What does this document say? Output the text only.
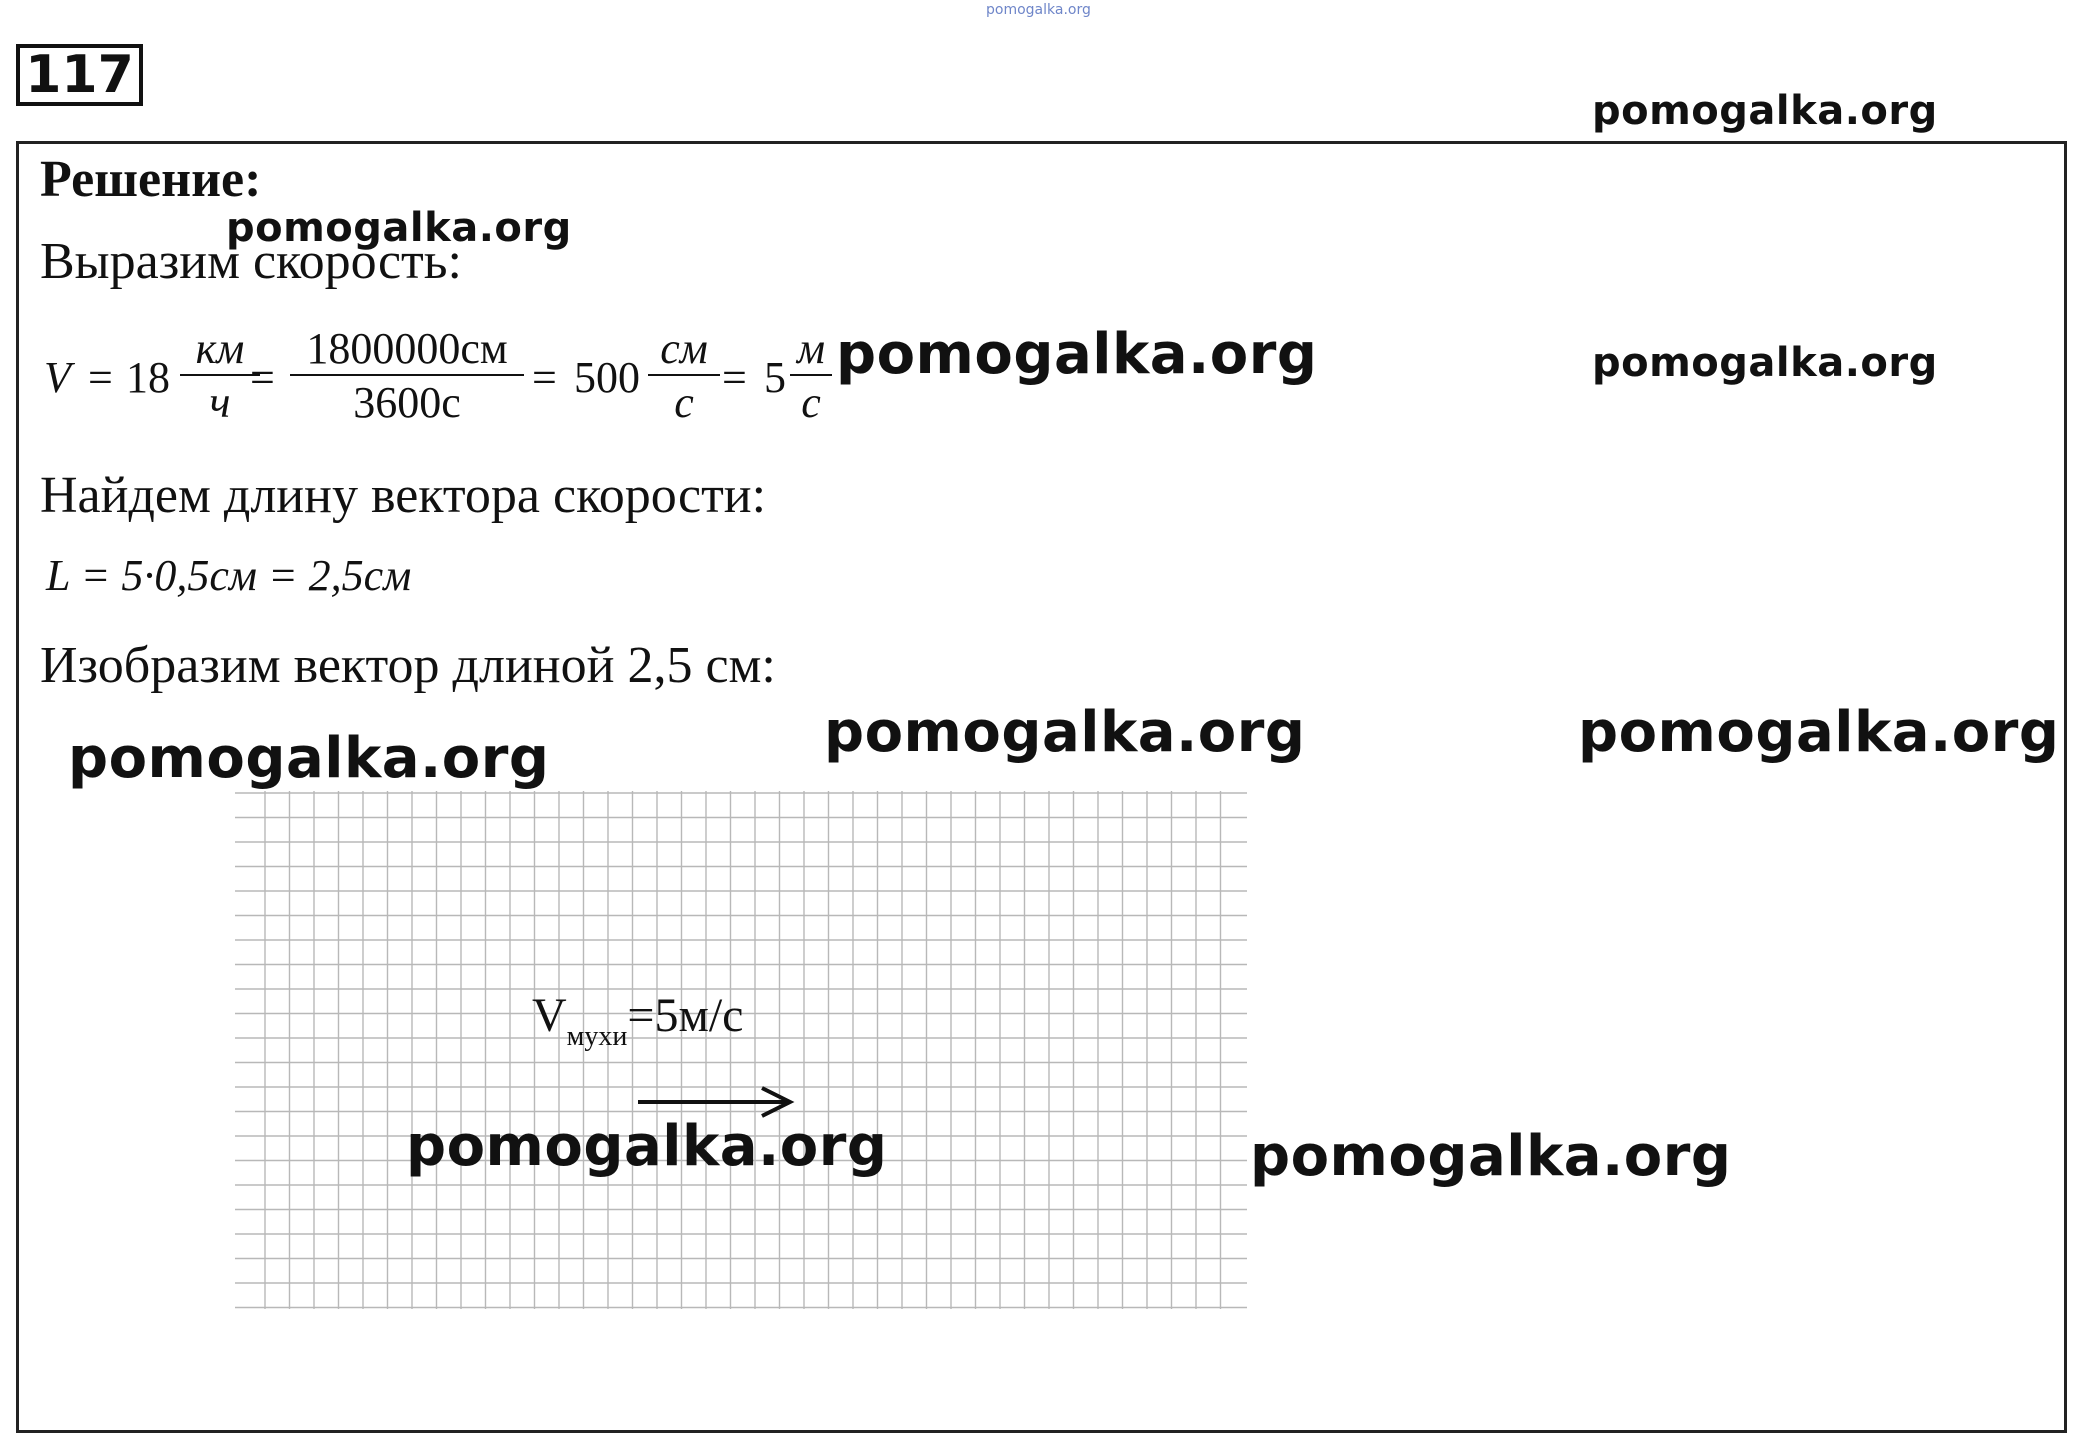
pomogalka.org
117
pomogalka.org
Решение:
Выразим скорость:
pomogalka.org
V = 18
км
ч
=
1800000см
3600с
= 500
см
с
= 5
м
с
pomogalka.org	pomogalka.org
Найдем длину вектора скорости:
L = 5·0,5см = 2,5см
Изобразим вектор длиной 2,5 см:
pomogalka.org	pomogalka.org	pomogalka.org
$V_{мухи}=5м/с$
pomogalka.org	pomogalka.org
